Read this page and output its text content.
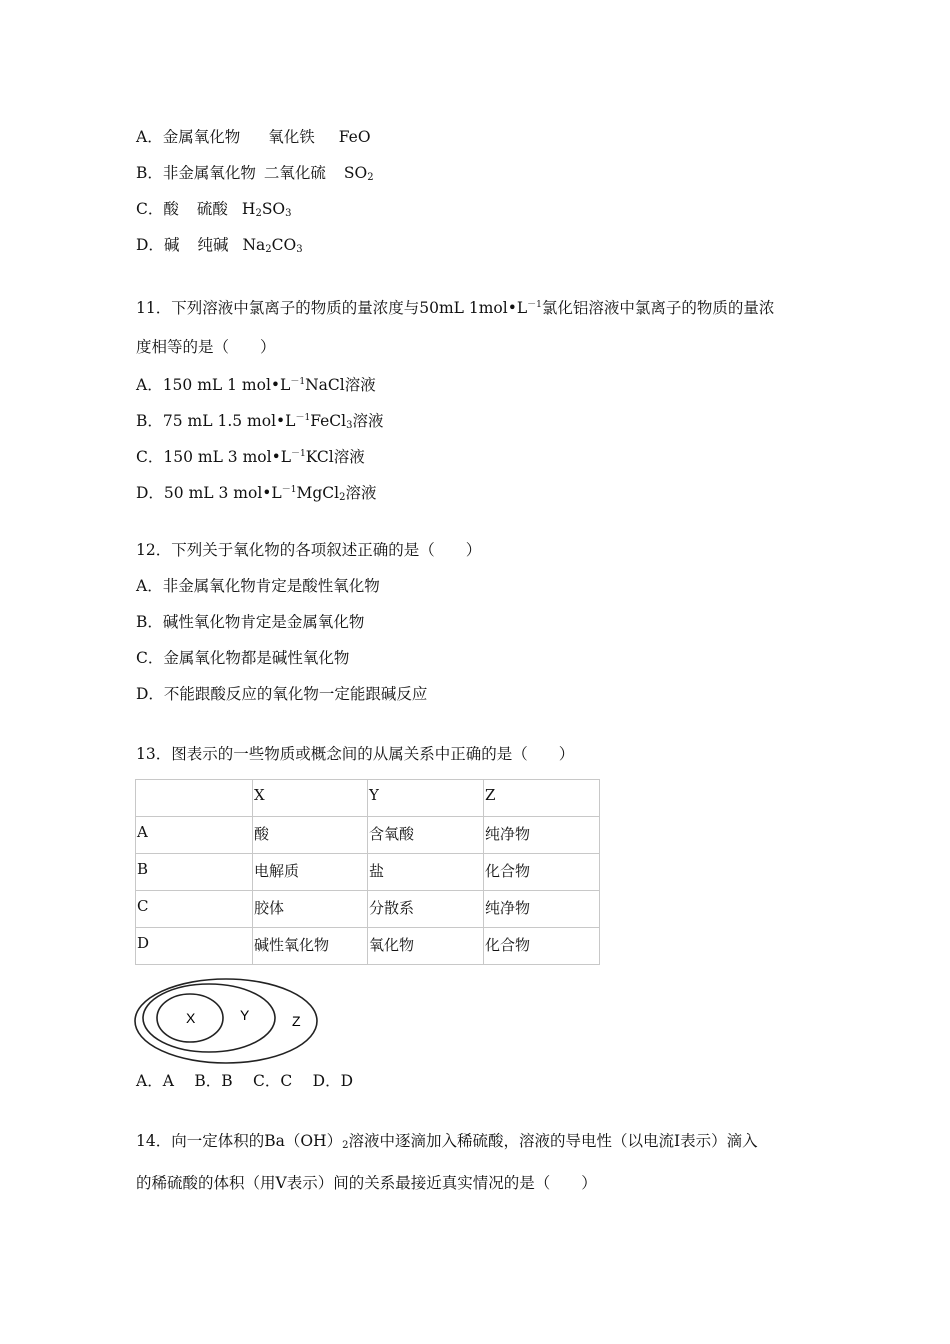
A．金属氧化物 氧化铁 FeO
B．非金属氧化物 二氧化硫 $SO_2$
C．酸 硫酸 $H_2SO_3$
D．碱 纯碱 $Na_2CO_3$
11．下列溶液中氯离子的物质的量浓度与50mL $1mol•L^{-1}$氯化铝溶液中氯离子的物质的量浓
度相等的是（　　）
A．150 mL 1 $mol•L^{-1}NaCl$溶液
B．75 mL 1.5 $mol•L^{-1}FeCl_3$溶液
C．150 mL 3 $mol•L^{-1}KCl$溶液
D．50 mL 3 $mol•L^{-1}MgCl_2$溶液
12．下列关于氧化物的各项叙述正确的是（　　）
A．非金属氧化物肯定是酸性氧化物
B．碱性氧化物肯定是金属氧化物
C．金属氧化物都是碱性氧化物
D．不能跟酸反应的氧化物一定能跟碱反应
13．图表示的一些物质或概念间的从属关系中正确的是（　　）
	X	Y	Z
A	酸	含氧酸	纯净物
B	电解质	盐	化合物
C	胶体	分散系	纯净物
D	碱性氧化物	氧化物	化合物
X	Y	Z
A．A　 B．B　 C．C　 D．D
14．向一定体积的$Ba(OH)_2$溶液中逐滴加入稀硫酸，溶液的导电性（以电流I表示）滴入
的稀硫酸的体积（用V表示）间的关系最接近真实情况的是（　　）
